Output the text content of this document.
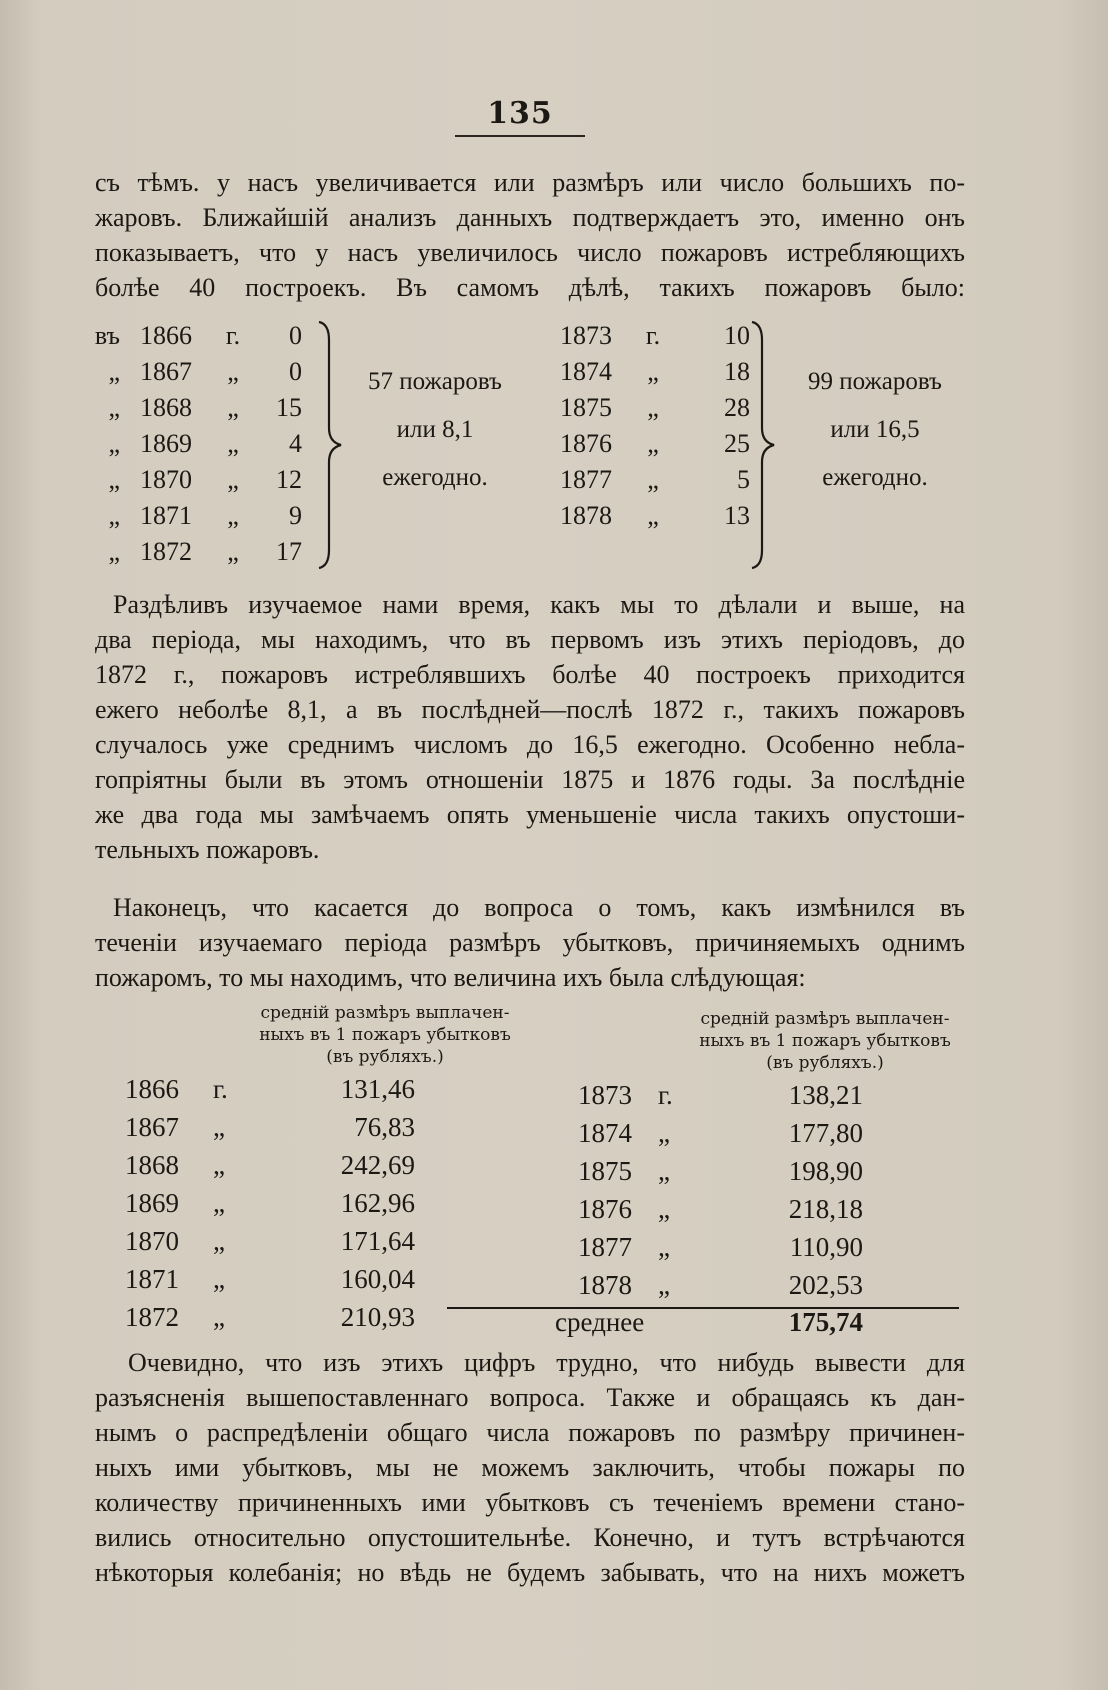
135
съ тѣмъ. у насъ увеличивается или размѣръ или число большихъ по-
жаровъ. Ближайшій анализъ данныхъ подтверждаетъ это, именно онъ
показываетъ, что у насъ увеличилось число пожаровъ истребляющихъ
болѣе 40 построекъ. Въ самомъ дѣлѣ, такихъ пожаровъ было:
въ 1866	г.	0
„ 1867	„	0
„ 1868	„	15
„ 1869	„	4
„ 1870	„	12
„ 1871	„	9
„ 1872	„	17
57 пожаровъ
или 8,1
ежегодно.
1873	г.	10
1874	„	18
1875	„	28
1876	„	25
1877	„	5
1878	„	13
99 пожаровъ
или 16,5
ежегодно.
Раздѣливъ изучаемое нами время, какъ мы то дѣлали и выше, на
два періода, мы находимъ, что въ первомъ изъ этихъ періодовъ, до
1872 г., пожаровъ истреблявшихъ болѣе 40 построекъ приходится
ежего неболѣе 8,1, а въ послѣдней—послѣ 1872 г., такихъ пожаровъ
случалось уже среднимъ числомъ до 16,5 ежегодно. Особенно небла-
гопріятны были въ этомъ отношеніи 1875 и 1876 годы. За послѣдніе
же два года мы замѣчаемъ опять уменьшеніе числа такихъ опустоши-
тельныхъ пожаровъ.
Наконецъ, что касается до вопроса о томъ, какъ измѣнился въ
теченіи изучаемаго періода размѣръ убытковъ, причиняемыхъ однимъ
пожаромъ, то мы находимъ, что величина ихъ была слѣдующая:
средній размѣръ выплачен-
ныхъ въ 1 пожаръ убытковъ
(въ рубляхъ.)
средній размѣръ выплачен-
ныхъ въ 1 пожаръ убытковъ
(въ рубляхъ.)
1866	г.	131,46
1867	„	76,83
1868	„	242,69
1869	„	162,96
1870	„	171,64
1871	„	160,04
1872	„	210,93
1873 г.	138,21
1874 „	177,80
1875 „	198,90
1876 „	218,18
1877 „	110,90
1878 „	202,53
среднее	175,74
Очевидно, что изъ этихъ цифръ трудно, что нибудь вывести для
разъясненія вышепоставленнаго вопроса. Также и обращаясь къ дан-
нымъ о распредѣленіи общаго числа пожаровъ по размѣру причинен-
ныхъ ими убытковъ, мы не можемъ заключить, чтобы пожары по
количеству причиненныхъ ими убытковъ съ теченіемъ времени стано-
вились относительно опустошительнѣе. Конечно, и тутъ встрѣчаются
нѣкоторыя колебанія; но вѣдь не будемъ забывать, что на нихъ можетъ
